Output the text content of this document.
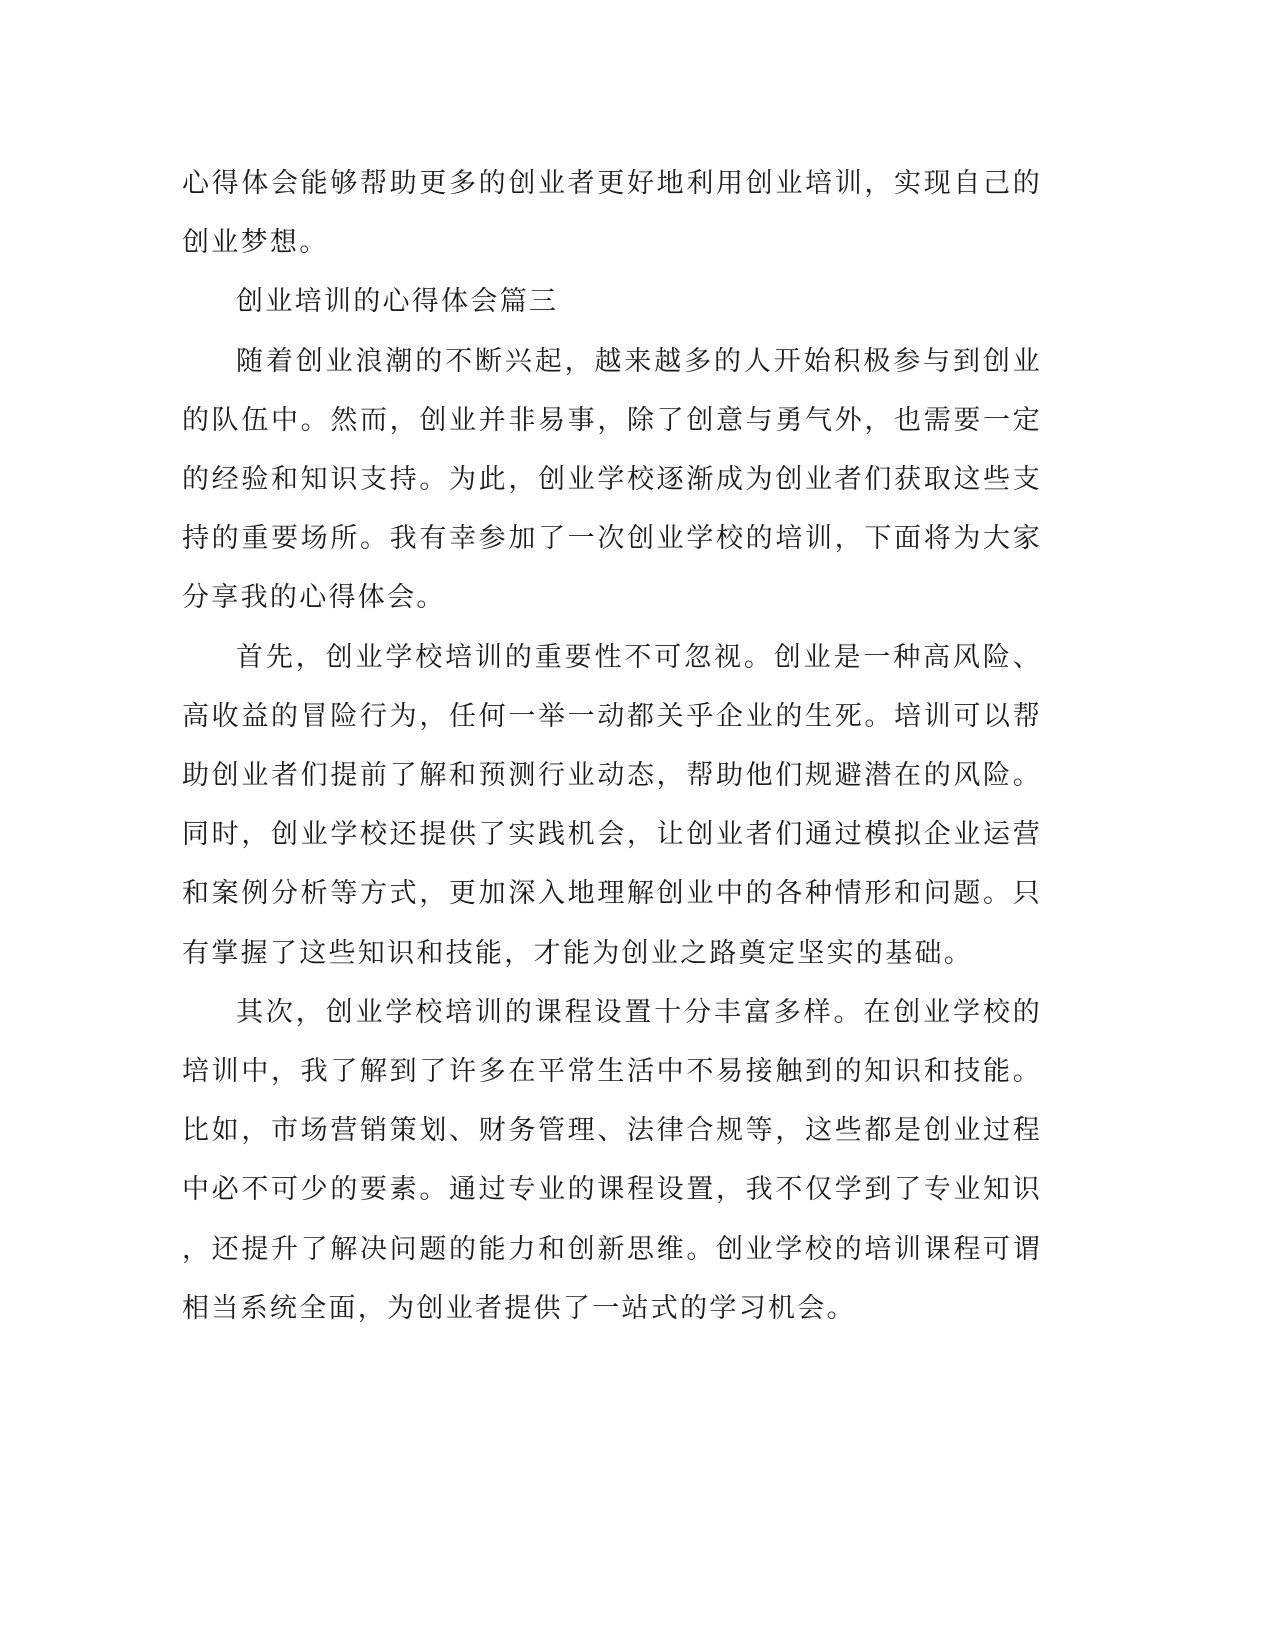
心得体会能够帮助更多的创业者更好地利用创业培训，实现自己的创业梦想。

创业培训的心得体会篇三

随着创业浪潮的不断兴起，越来越多的人开始积极参与到创业的队伍中。然而，创业并非易事，除了创意与勇气外，也需要一定的经验和知识支持。为此，创业学校逐渐成为创业者们获取这些支持的重要场所。我有幸参加了一次创业学校的培训，下面将为大家分享我的心得体会。

首先，创业学校培训的重要性不可忽视。创业是一种高风险、高收益的冒险行为，任何一举一动都关乎企业的生死。培训可以帮助创业者们提前了解和预测行业动态，帮助他们规避潜在的风险。同时，创业学校还提供了实践机会，让创业者们通过模拟企业运营和案例分析等方式，更加深入地理解创业中的各种情形和问题。只有掌握了这些知识和技能，才能为创业之路奠定坚实的基础。

其次，创业学校培训的课程设置十分丰富多样。在创业学校的培训中，我了解到了许多在平常生活中不易接触到的知识和技能。比如，市场营销策划、财务管理、法律合规等，这些都是创业过程中必不可少的要素。通过专业的课程设置，我不仅学到了专业知识，还提升了解决问题的能力和创新思维。创业学校的培训课程可谓相当系统全面，为创业者提供了一站式的学习机会。
